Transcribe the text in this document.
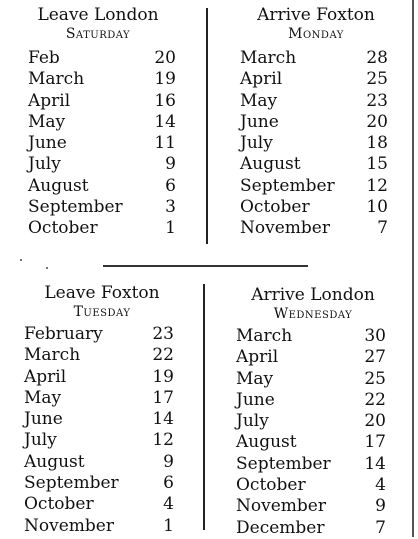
Leave London
Saturday
Feb	20
March	19
April	16
May	14
June	11
July	9
August	6
September	3
October	1
Arrive Foxton
Monday
March	28
April	25
May	23
June	20
July	18
August	15
September 12
October	10
November	7
Leave Foxton
Tuesday
February	23
March	22
April	19
May	17
June	14
July	12
August	9
September	6
October	4
November	1
Arrive London
Wednesday
March	30
April	27
May	25
June	22
July	20
August	17
September 14
October	4
November	9
December	7
